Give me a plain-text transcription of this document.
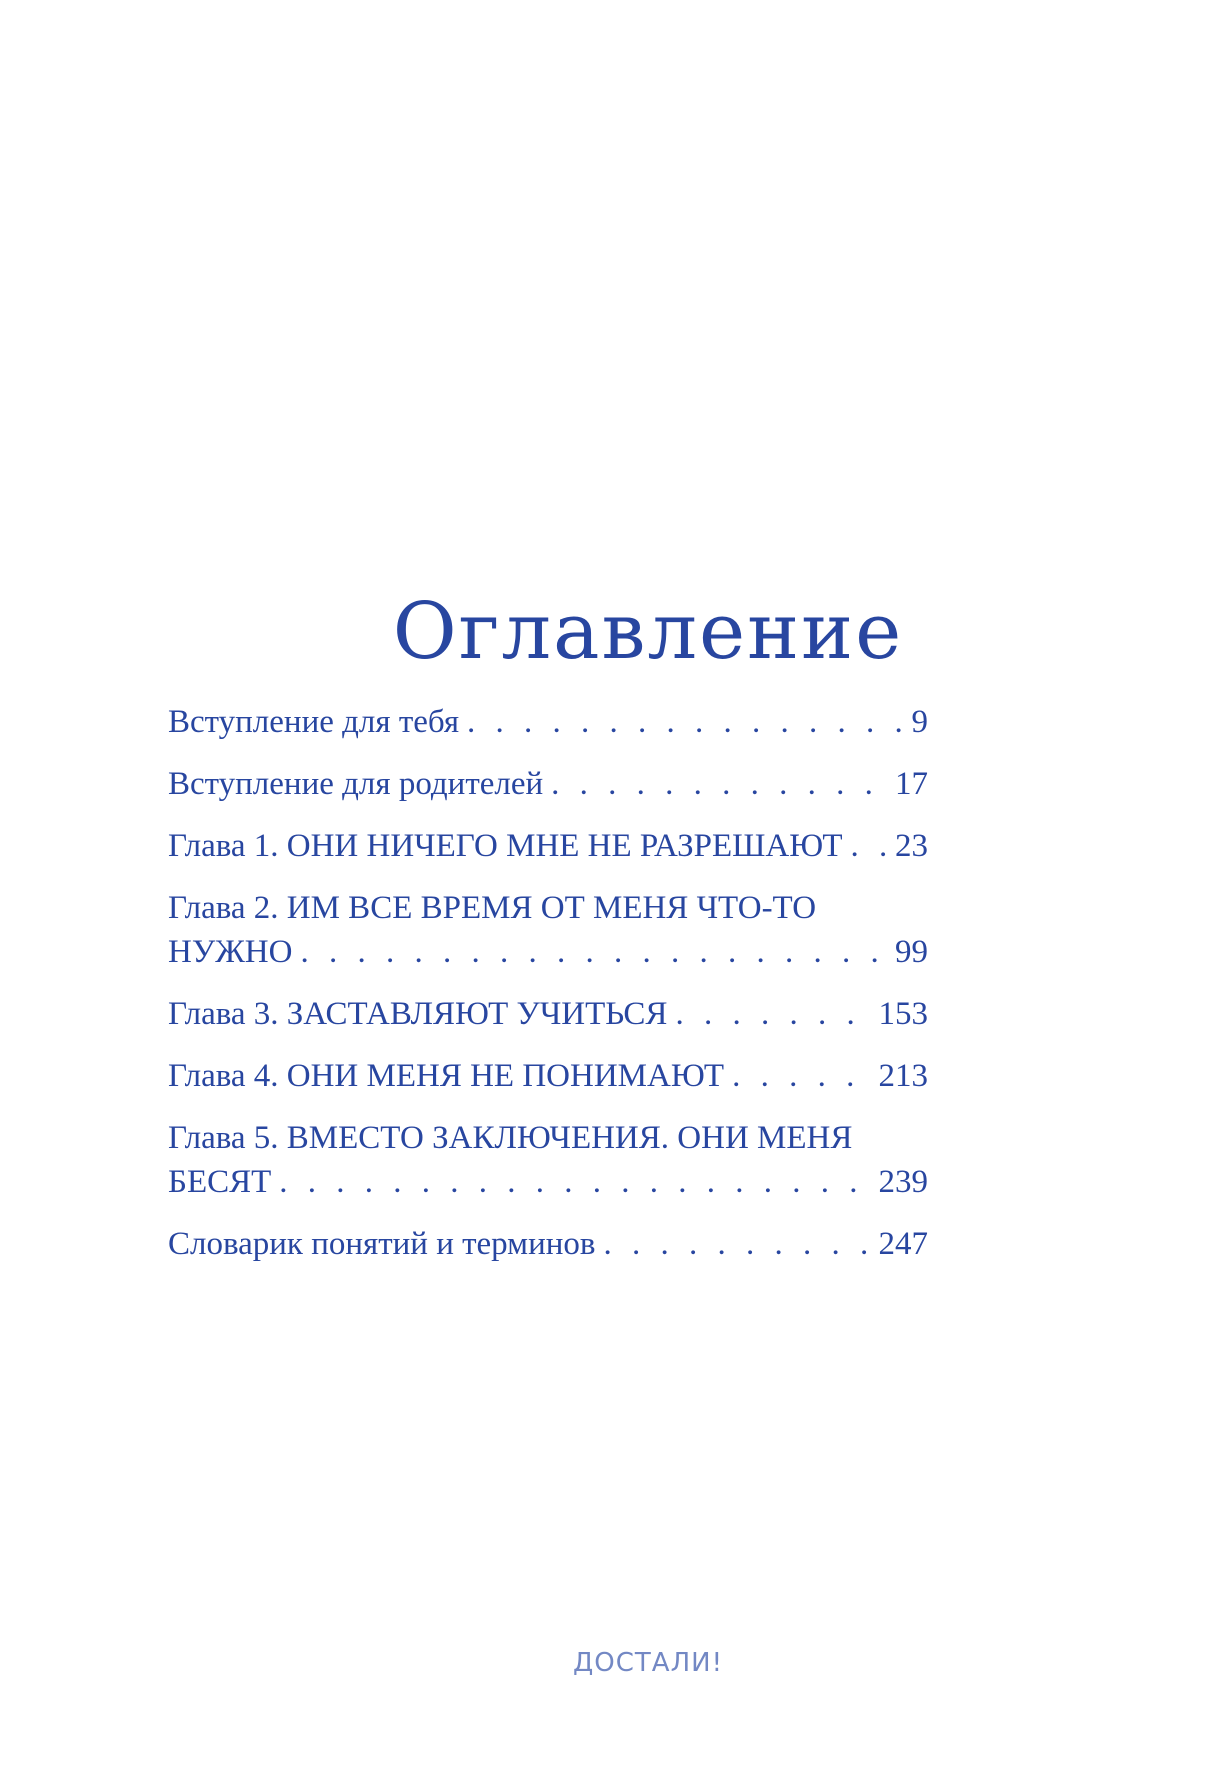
Оглавление
Вступление для тебя . . .	9
Вступление для родителей . . .	17
Глава 1. ОНИ НИЧЕГО МНЕ НЕ РАЗРЕШАЮТ . . . 23
Глава 2. ИМ ВСЕ ВРЕМЯ ОТ МЕНЯ ЧТО-ТО
НУЖНО . . .	99
Глава 3. ЗАСТАВЛЯЮТ УЧИТЬСЯ . . .	153
Глава 4. ОНИ МЕНЯ НЕ ПОНИМАЮТ . . .	213
Глава 5. ВМЕСТО ЗАКЛЮЧЕНИЯ. ОНИ МЕНЯ
БЕСЯТ . . .	239
Словарик понятий и терминов . . .	247
ДОСТАЛИ!
